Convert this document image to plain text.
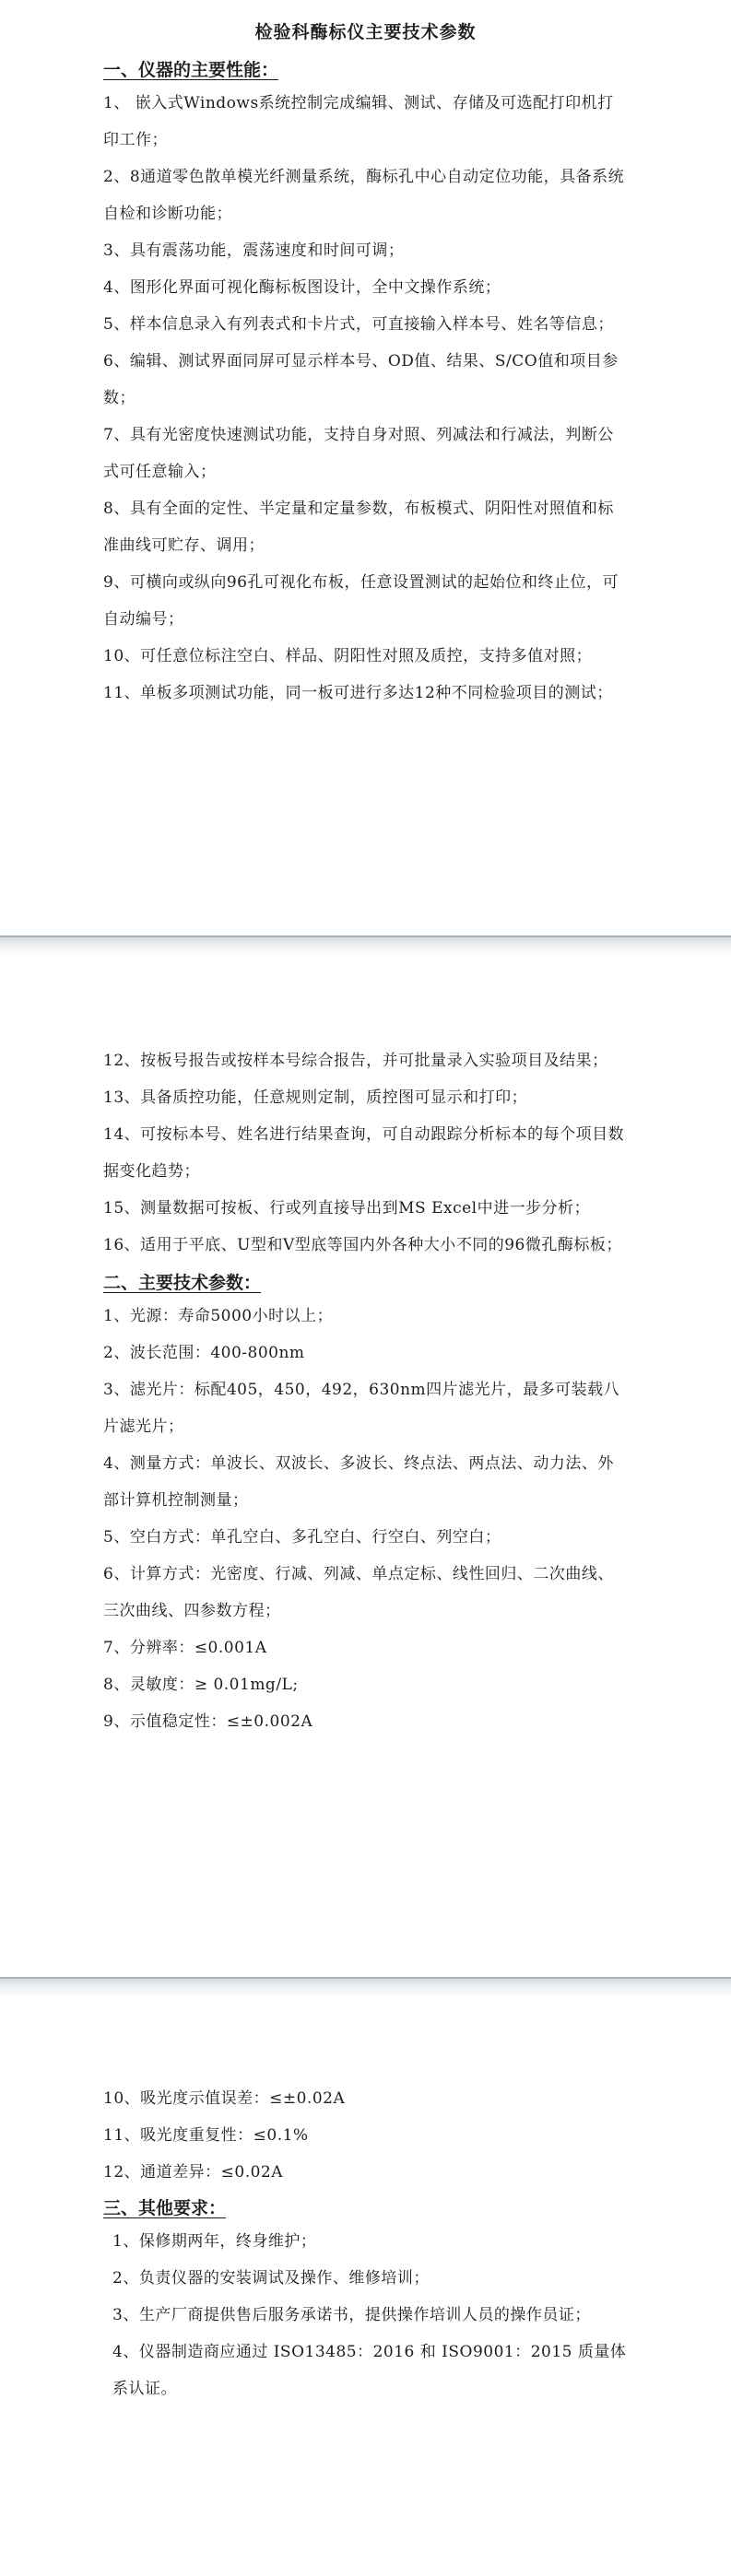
检验科酶标仪主要技术参数
一、仪器的主要性能：
1、 嵌入式Windows系统控制完成编辑、测试、存储及可选配打印机打印工作；
2、8通道零色散单模光纤测量系统，酶标孔中心自动定位功能，具备系统自检和诊断功能；
3、具有震荡功能，震荡速度和时间可调；
4、图形化界面可视化酶标板图设计，全中文操作系统；
5、样本信息录入有列表式和卡片式，可直接输入样本号、姓名等信息；
6、编辑、测试界面同屏可显示样本号、OD值、结果、S/CO值和项目参数；
7、具有光密度快速测试功能，支持自身对照、列减法和行减法，判断公式可任意输入；
8、具有全面的定性、半定量和定量参数，布板模式、阴阳性对照值和标准曲线可贮存、调用；
9、可横向或纵向96孔可视化布板，任意设置测试的起始位和终止位，可自动编号；
10、可任意位标注空白、样品、阴阳性对照及质控，支持多值对照；
11、单板多项测试功能，同一板可进行多达12种不同检验项目的测试；
12、按板号报告或按样本号综合报告，并可批量录入实验项目及结果；
13、具备质控功能，任意规则定制，质控图可显示和打印；
14、可按标本号、姓名进行结果查询，可自动跟踪分析标本的每个项目数据变化趋势；
15、测量数据可按板、行或列直接导出到MS Excel中进一步分析；
16、适用于平底、U型和V型底等国内外各种大小不同的96微孔酶标板；
二、主要技术参数：
1、光源：寿命5000小时以上；
2、波长范围：400-800nm
3、滤光片：标配405，450，492，630nm四片滤光片，最多可装载八片滤光片；
4、测量方式：单波长、双波长、多波长、终点法、两点法、动力法、外部计算机控制测量；
5、空白方式：单孔空白、多孔空白、行空白、列空白；
6、计算方式：光密度、行减、列减、单点定标、线性回归、二次曲线、三次曲线、四参数方程；
7、分辨率：≤0.001A
8、灵敏度：≥ 0.01mg/L;
9、示值稳定性：≤±0.002A
10、吸光度示值误差：≤±0.02A
11、吸光度重复性：≤0.1%
12、通道差异：≤0.02A
三、其他要求：
1、保修期两年，终身维护；
2、负责仪器的安装调试及操作、维修培训；
3、生产厂商提供售后服务承诺书，提供操作培训人员的操作员证；
4、仪器制造商应通过 ISO13485：2016 和 ISO9001：2015 质量体系认证。
